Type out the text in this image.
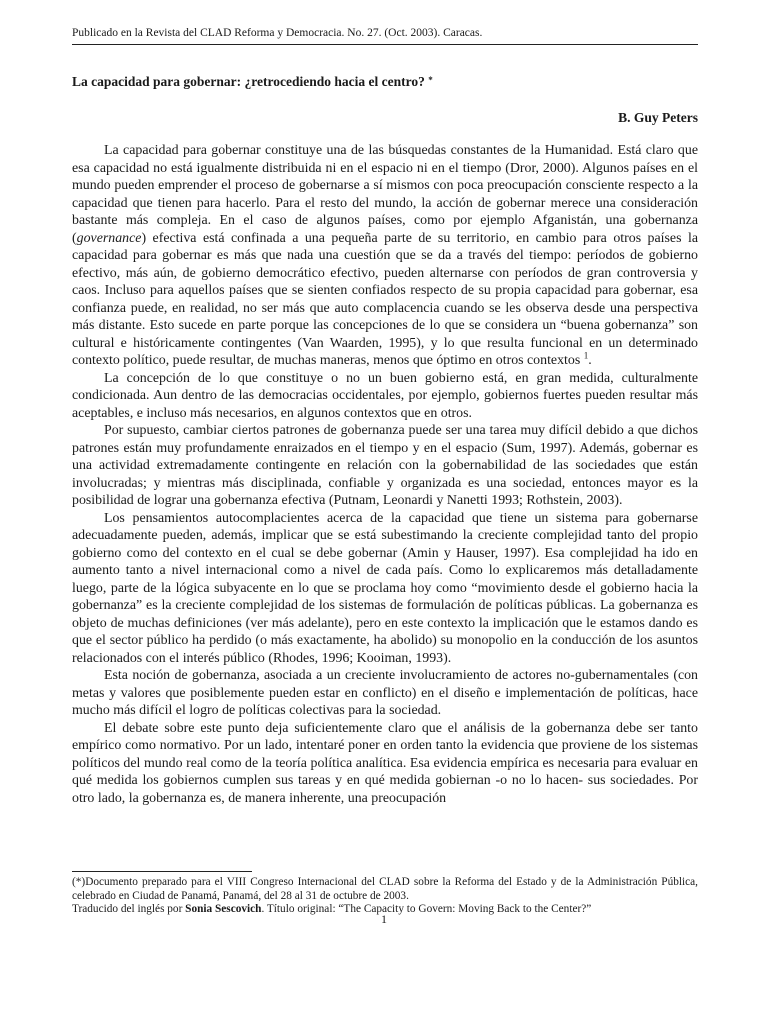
Publicado en la Revista del CLAD Reforma y Democracia. No. 27. (Oct. 2003). Caracas.
La capacidad para gobernar: ¿retrocediendo hacia el centro? *
B. Guy Peters

La capacidad para gobernar constituye una de las búsquedas constantes de la Humanidad. Está claro que esa capacidad no está igualmente distribuida ni en el espacio ni en el tiempo (Dror, 2000). Algunos países en el mundo pueden emprender el proceso de gobernarse a sí mismos con poca preocupación consciente respecto a la capacidad que tienen para hacerlo. Para el resto del mundo, la acción de gobernar merece una consideración bastante más compleja. En el caso de algunos países, como por ejemplo Afganistán, una gobernanza (governance) efectiva está confinada a una pequeña parte de su territorio, en cambio para otros países la capacidad para gobernar es más que nada una cuestión que se da a través del tiempo: períodos de gobierno efectivo, más aún, de gobierno democrático efectivo, pueden alternarse con períodos de gran controversia y caos. Incluso para aquellos países que se sienten confiados respecto de su propia capacidad para gobernar, esa confianza puede, en realidad, no ser más que auto complacencia cuando se les observa desde una perspectiva más distante. Esto sucede en parte porque las concepciones de lo que se considera un “buena gobernanza” son cultural e históricamente contingentes (Van Waarden, 1995), y lo que resulta funcional en un determinado contexto político, puede resultar, de muchas maneras, menos que óptimo en otros contextos $^1$.

La concepción de lo que constituye o no un buen gobierno está, en gran medida, culturalmente condicionada. Aun dentro de las democracias occidentales, por ejemplo, gobiernos fuertes pueden resultar más aceptables, e incluso más necesarios, en algunos contextos que en otros.

Por supuesto, cambiar ciertos patrones de gobernanza puede ser una tarea muy difícil debido a que dichos patrones están muy profundamente enraizados en el tiempo y en el espacio (Sum, 1997). Además, gobernar es una actividad extremadamente contingente en relación con la gobernabilidad de las sociedades que están involucradas; y mientras más disciplinada, confiable y organizada es una sociedad, entonces mayor es la posibilidad de lograr una gobernanza efectiva (Putnam, Leonardi y Nanetti 1993; Rothstein, 2003).

Los pensamientos autocomplacientes acerca de la capacidad que tiene un sistema para gobernarse adecuadamente pueden, además, implicar que se está subestimando la creciente complejidad tanto del propio gobierno como del contexto en el cual se debe gobernar (Amin y Hauser, 1997). Esa complejidad ha ido en aumento tanto a nivel internacional como a nivel de cada país. Como lo explicaremos más detalladamente luego, parte de la lógica subyacente en lo que se proclama hoy como “movimiento desde el gobierno hacia la gobernanza” es la creciente complejidad de los sistemas de formulación de políticas públicas. La gobernanza es objeto de muchas definiciones (ver más adelante), pero en este contexto la implicación que le estamos dando es que el sector público ha perdido (o más exactamente, ha abolido) su monopolio en la conducción de los asuntos relacionados con el interés público (Rhodes, 1996; Kooiman, 1993).

Esta noción de gobernanza, asociada a un creciente involucramiento de actores no-gubernamentales (con metas y valores que posiblemente pueden estar en conflicto) en el diseño e implementación de políticas, hace mucho más difícil el logro de políticas colectivas para la sociedad.

El debate sobre este punto deja suficientemente claro que el análisis de la gobernanza debe ser tanto empírico como normativo. Por un lado, intentaré poner en orden tanto la evidencia que proviene de los sistemas políticos del mundo real como de la teoría política analítica. Esa evidencia empírica es necesaria para evaluar en qué medida los gobiernos cumplen sus tareas y en qué medida gobiernan -o no lo hacen- sus sociedades. Por otro lado, la gobernanza es, de manera inherente, una preocupación

(*)Documento preparado para el VIII Congreso Internacional del CLAD sobre la Reforma del Estado y de la Administración Pública, celebrado en Ciudad de Panamá, Panamá, del 28 al 31 de octubre de 2003.

Traducido del inglés por Sonia Sescovich. Título original: “The Capacity to Govern: Moving Back to the Center?”

1
